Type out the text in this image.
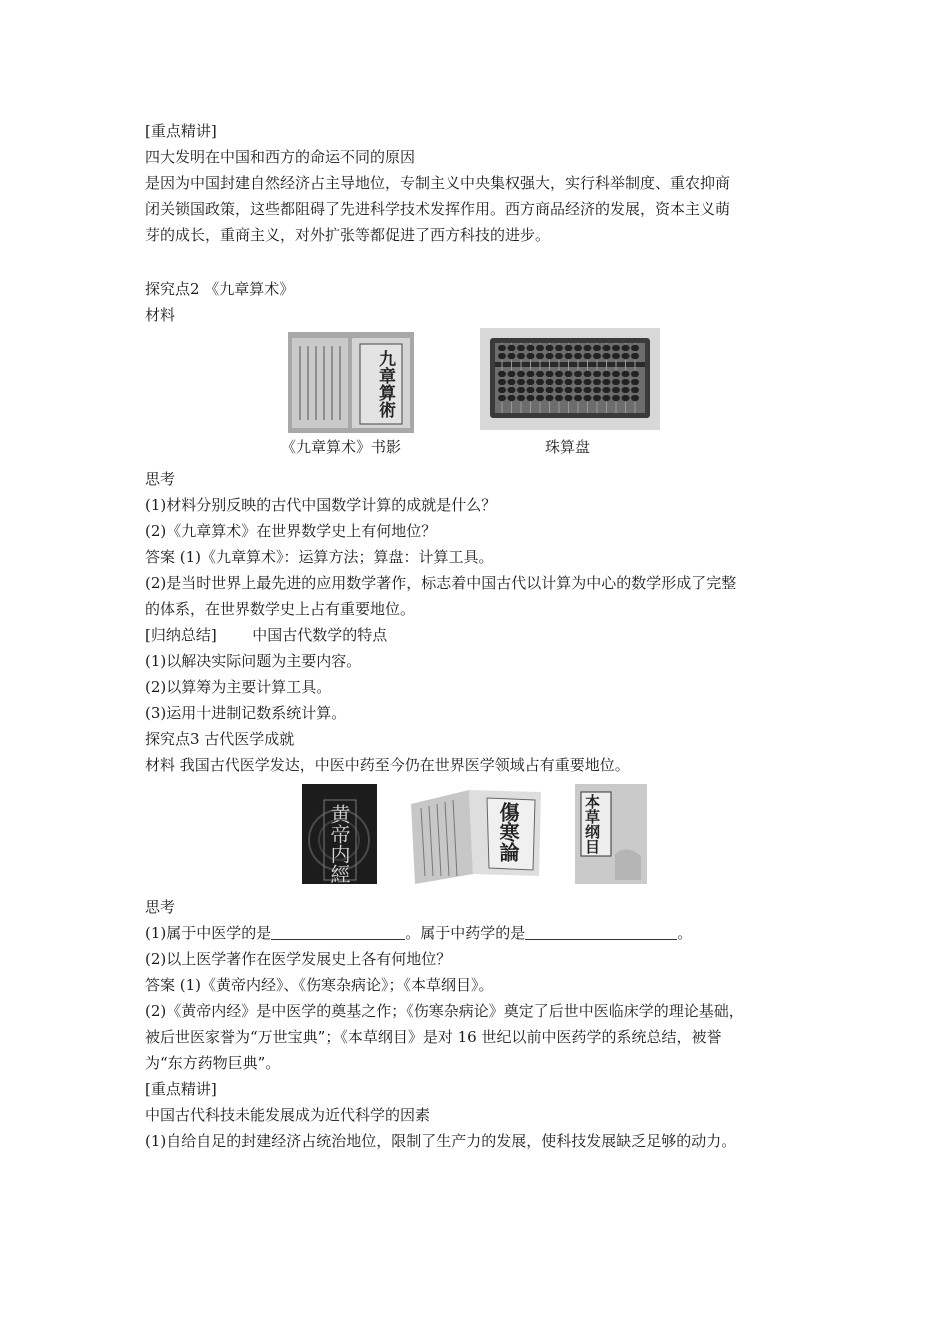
[重点精讲]

四大发明在中国和西方的命运不同的原因

是因为中国封建自然经济占主导地位，专制主义中央集权强大，实行科举制度、重农抑商

闭关锁国政策，这些都阻碍了先进科学技术发挥作用。西方商品经济的发展，资本主义萌

芽的成长，重商主义，对外扩张等都促进了西方科技的进步。

探究点2 《九章算术》

材料

九章算術
《九章算术》书影	珠算盘

思考

(1)材料分别反映的古代中国数学计算的成就是什么？

(2)《九章算术》在世界数学史上有何地位？

答案 (1)《九章算术》：运算方法；算盘：计算工具。

(2)是当时世界上最先进的应用数学著作，标志着中国古代以计算为中心的数学形成了完整

的体系，在世界数学史上占有重要地位。

[归纳总结] 中国古代数学的特点

(1)以解决实际问题为主要内容。

(2)以算筹为主要计算工具。

(3)运用十进制记数系统计算。

探究点3 古代医学成就

材料 我国古代医学发达，中医中药至今仍在世界医学领域占有重要地位。

黄帝内經	傷寒論	本草纲目

思考

(1)属于中医学的是	。属于中药学的是	。

(2)以上医学著作在医学发展史上各有何地位？

答案 (1)《黄帝内经》、《伤寒杂病论》；《本草纲目》。

(2)《黄帝内经》是中医学的奠基之作；《伤寒杂病论》奠定了后世中医临床学的理论基础，

被后世医家誉为“万世宝典”；《本草纲目》是对 16 世纪以前中医药学的系统总结，被誉

为“东方药物巨典”。

[重点精讲]

中国古代科技未能发展成为近代科学的因素

(1)自给自足的封建经济占统治地位，限制了生产力的发展，使科技发展缺乏足够的动力。
